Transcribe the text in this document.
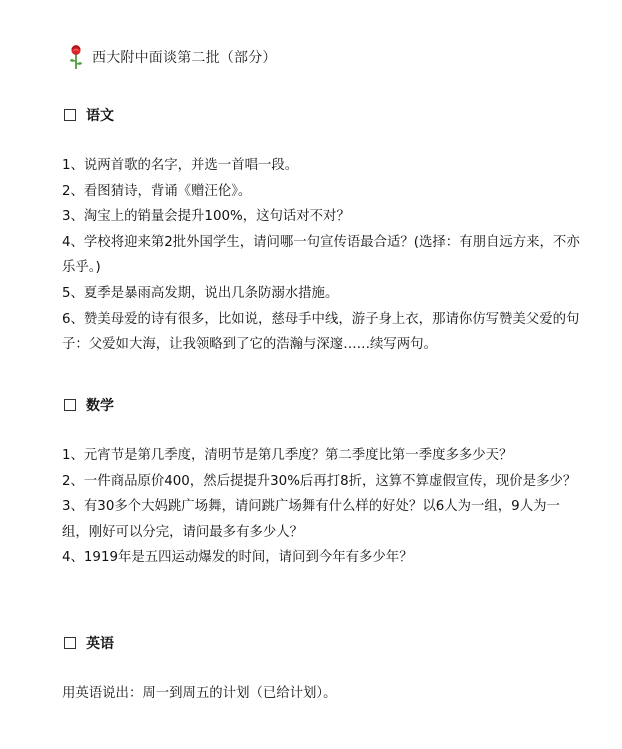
西大附中面谈第二批（部分）
语文
1、说两首歌的名字，并选一首唱一段。
2、看图猜诗，背诵《赠汪伦》。
3、淘宝上的销量会提升100%，这句话对不对？
4、学校将迎来第2批外国学生，请问哪一句宣传语最合适？(选择：有朋自远方来，不亦乐乎。)
5、夏季是暴雨高发期，说出几条防溺水措施。
6、赞美母爱的诗有很多，比如说，慈母手中线，游子身上衣，那请你仿写赞美父爱的句子：父爱如大海，让我领略到了它的浩瀚与深邃……续写两句。
数学
1、元宵节是第几季度，清明节是第几季度？第二季度比第一季度多多少天？
2、一件商品原价400，然后提提升30%后再打8折，这算不算虚假宣传，现价是多少？
3、有30多个大妈跳广场舞，请问跳广场舞有什么样的好处？以6人为一组，9人为一组，刚好可以分完，请问最多有多少人？
4、1919年是五四运动爆发的时间，请问到今年有多少年？
英语
用英语说出：周一到周五的计划（已给计划）。
